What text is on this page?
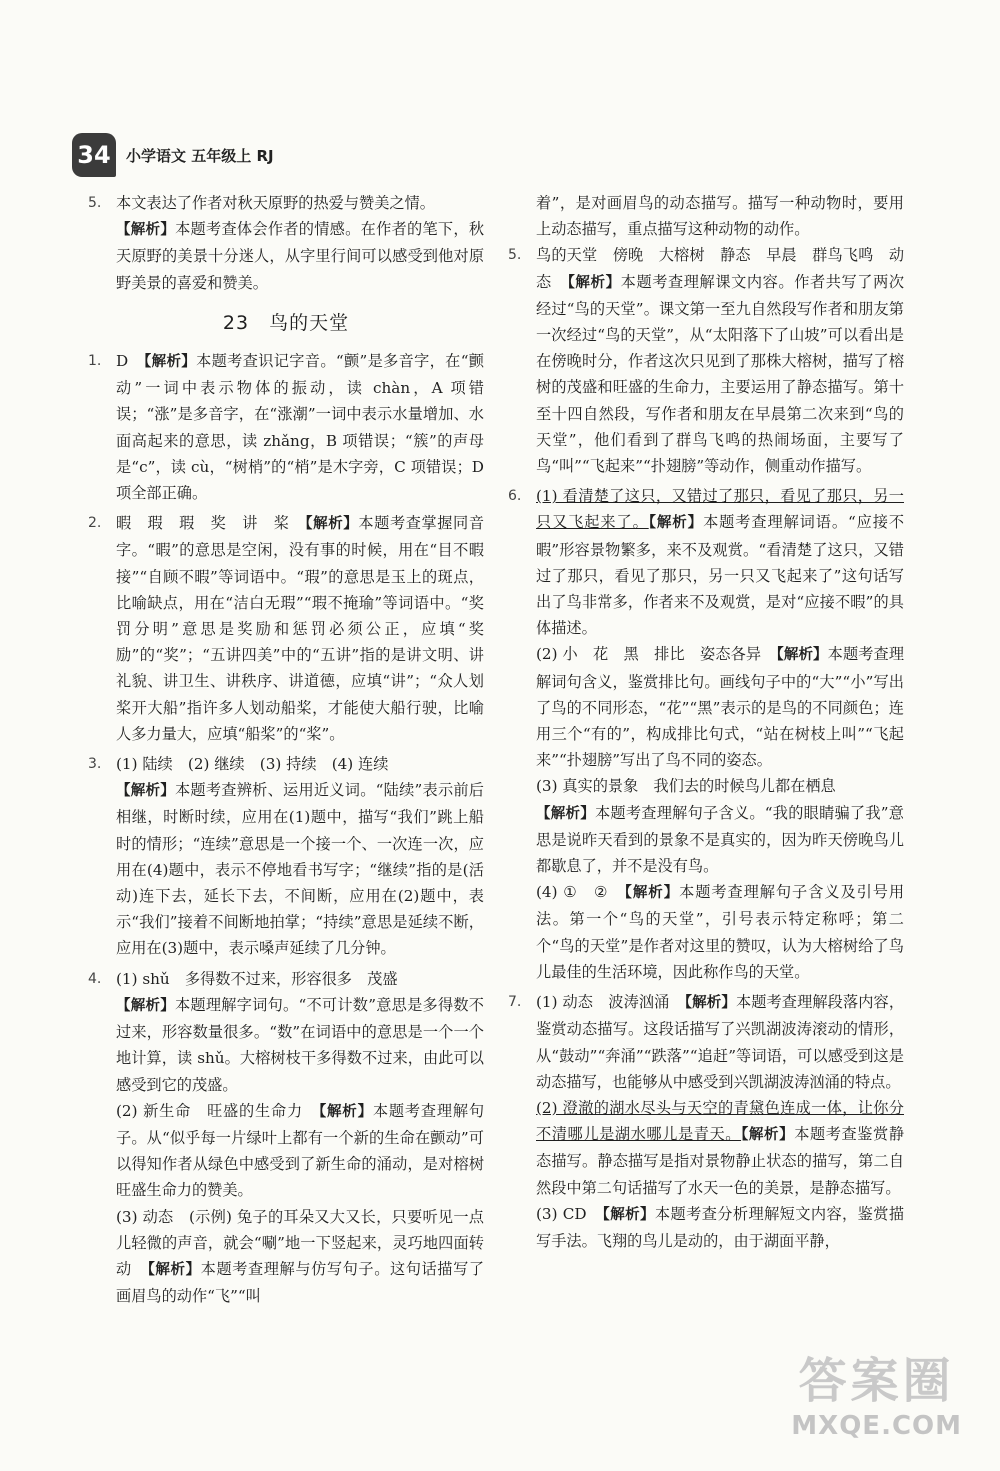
34	小学语文 五年级上 RJ
5. 本文表达了作者对秋天原野的热爱与赞美之情。

【解析】本题考查体会作者的情感。在作者的笔下，秋天原野的美景十分迷人，从字里行间可以感受到他对原野美景的喜爱和赞美。

23　鸟的天堂
1. D　【解析】本题考查识记字音。“颤”是多音字，在“颤动”一词中表示物体的振动，读 chàn，A 项错误；“涨”是多音字，在“涨潮”一词中表示水量增加、水面高起来的意思，读 zhǎng，B 项错误；“簇”的声母是“c”，读 cù，“树梢”的“梢”是木字旁，C 项错误；D 项全部正确。

2. 暇　瑕　瑕　奖　讲　桨　【解析】本题考查掌握同音字。“暇”的意思是空闲，没有事的时候，用在“目不暇接”“自顾不暇”等词语中。“瑕”的意思是玉上的斑点，比喻缺点，用在“洁白无瑕”“瑕不掩瑜”等词语中。“奖罚分明”意思是奖励和惩罚必须公正，应填“奖励”的“奖”；“五讲四美”中的“五讲”指的是讲文明、讲礼貌、讲卫生、讲秩序、讲道德，应填“讲”；“众人划桨开大船”指许多人划动船桨，才能使大船行驶，比喻人多力量大，应填“船桨”的“桨”。

3. (1) 陆续　(2) 继续　(3) 持续　(4) 连续

【解析】本题考查辨析、运用近义词。“陆续”表示前后相继，时断时续，应用在(1)题中，描写“我们”跳上船时的情形；“连续”意思是一个接一个、一次连一次，应用在(4)题中，表示不停地看书写字；“继续”指的是(活动)连下去，延长下去，不间断，应用在(2)题中，表示“我们”接着不间断地拍掌；“持续”意思是延续不断，应用在(3)题中，表示嗓声延续了几分钟。

4. (1) shǔ　多得数不过来，形容很多　茂盛

【解析】本题理解字词句。“不可计数”意思是多得数不过来，形容数量很多。“数”在词语中的意思是一个一个地计算，读 shǔ。大榕树枝干多得数不过来，由此可以感受到它的茂盛。

(2) 新生命　旺盛的生命力　【解析】本题考查理解句子。从“似乎每一片绿叶上都有一个新的生命在颤动”可以得知作者从绿色中感受到了新生命的涌动，是对榕树旺盛生命力的赞美。

(3) 动态　(示例) 兔子的耳朵又大又长，只要听见一点儿轻微的声音，就会“唰”地一下竖起来，灵巧地四面转动　【解析】本题考查理解与仿写句子。这句话描写了画眉鸟的动作“飞”“叫

着”，是对画眉鸟的动态描写。描写一种动物时，要用上动态描写，重点描写这种动物的动作。

5. 鸟的天堂　傍晚　大榕树　静态　早晨　群鸟飞鸣　动态　【解析】本题考查理解课文内容。作者共写了两次经过“鸟的天堂”。课文第一至九自然段写作者和朋友第一次经过“鸟的天堂”，从“太阳落下了山坡”可以看出是在傍晚时分，作者这次只见到了那株大榕树，描写了榕树的茂盛和旺盛的生命力，主要运用了静态描写。第十至十四自然段，写作者和朋友在早晨第二次来到“鸟的天堂”，他们看到了群鸟飞鸣的热闹场面，主要写了鸟“叫”“飞起来”“扑翅膀”等动作，侧重动作描写。

6. (1) 看清楚了这只，又错过了那只，看见了那只，另一只又飞起来了。【解析】本题考查理解词语。“应接不暇”形容景物繁多，来不及观赏。“看清楚了这只，又错过了那只，看见了那只，另一只又飞起来了”这句话写出了鸟非常多，作者来不及观赏，是对“应接不暇”的具体描述。

(2) 小　花　黑　排比　姿态各异　【解析】本题考查理解词句含义，鉴赏排比句。画线句子中的“大”“小”写出了鸟的不同形态，“花”“黑”表示的是鸟的不同颜色；连用三个“有的”，构成排比句式，“站在树枝上叫”“飞起来”“扑翅膀”写出了鸟不同的姿态。

(3) 真实的景象　我们去的时候鸟儿都在栖息

【解析】本题考查理解句子含义。“我的眼睛骗了我”意思是说昨天看到的景象不是真实的，因为昨天傍晚鸟儿都歇息了，并不是没有鸟。

(4) ①　②　【解析】本题考查理解句子含义及引号用法。第一个“鸟的天堂”，引号表示特定称呼；第二个“鸟的天堂”是作者对这里的赞叹，认为大榕树给了鸟儿最佳的生活环境，因此称作鸟的天堂。

7. (1) 动态　波涛汹涌　【解析】本题考查理解段落内容，鉴赏动态描写。这段话描写了兴凯湖波涛滚动的情形，从“鼓动”“奔涌”“跌落”“追赶”等词语，可以感受到这是动态描写，也能够从中感受到兴凯湖波涛汹涌的特点。

(2) 澄澈的湖水尽头与天空的青黛色连成一体，让你分不清哪儿是湖水哪儿是青天。【解析】本题考查鉴赏静态描写。静态描写是指对景物静止状态的描写，第二自然段中第二句话描写了水天一色的美景，是静态描写。

(3) CD　【解析】本题考查分析理解短文内容，鉴赏描写手法。飞翔的鸟儿是动的，由于湖面平静，

答案圈
MXQE.COM
